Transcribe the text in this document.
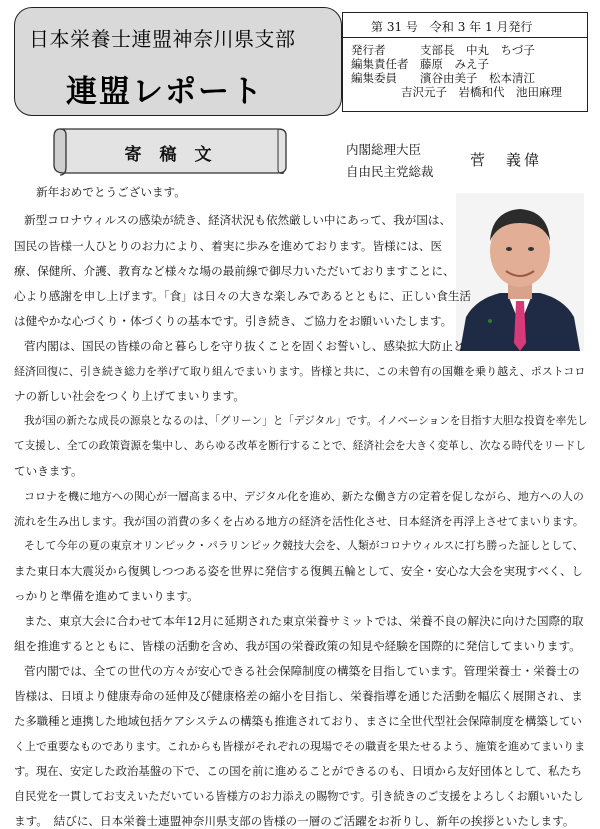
日本栄養士連盟神奈川県支部
連盟レポート
第 31 号　令和 3 年 1 月発行
発行者　　　支部長　中丸　ちづ子
編集責任者　藤原　みえ子
編集委員　　濱谷由美子　松本清江
吉沢元子　岩橋和代　池田麻理
寄稿文	内閣総理大臣
自由民主党総裁
菅　義偉
新年おめでとうございます。
新型コロナウィルスの感染が続き、経済状況も依然厳しい中にあって、我が国は、
国民の皆様一人ひとりのお力により、着実に歩みを進めております。皆様には、医
療、保健所、介護、教育など様々な場の最前線で御尽力いただいておりますことに、
心より感謝を申し上げます。「食」は日々の大きな楽しみであるとともに、正しい食生活
は健やかな心づくり・体づくりの基本です。引き続き、ご協力をお願いいたします。
菅内閣は、国民の皆様の命と暮らしを守り抜くことを固くお誓いし、感染拡大防止と
経済回復に、引き続き総力を挙げて取り組んでまいります。皆様と共に、この未曾有の国難を乗り越え、ポストコロ
ナの新しい社会をつくり上げてまいります。
我が国の新たな成長の源泉となるのは、「グリーン」と「デジタル」です。イノベーションを目指す大胆な投資を率先し
て支援し、全ての政策資源を集中し、あらゆる改革を断行することで、経済社会を大きく変革し、次なる時代をリードし
ていきます。
コロナを機に地方への関心が一層高まる中、デジタル化を進め、新たな働き方の定着を促しながら、地方への人の
流れを生み出します。我が国の消費の多くを占める地方の経済を活性化させ、日本経済を再浮上させてまいります。
そして今年の夏の東京オリンピック・パラリンピック競技大会を、人類がコロナウィルスに打ち勝った証しとして、
また東日本大震災から復興しつつある姿を世界に発信する復興五輪として、安全・安心な大会を実現すべく、し
っかりと準備を進めてまいります。
また、東京大会に合わせて本年12月に延期された東京栄養サミットでは、栄養不良の解決に向けた国際的取
組を推進するとともに、皆様の活動を含め、我が国の栄養政策の知見や経験を国際的に発信してまいります。
菅内閣では、全ての世代の方々が安心できる社会保障制度の構築を目指しています。管理栄養士・栄養士の
皆様は、日頃より健康寿命の延伸及び健康格差の縮小を目指し、栄養指導を通じた活動を幅広く展開され、ま
た多職種と連携した地域包括ケアシステムの構築も推進されており、まさに全世代型社会保障制度を構築してい
く上で重要なものであります。これからも皆様がそれぞれの現場でその職責を果たせるよう、施策を進めてまいりま
す。現在、安定した政治基盤の下で、この国を前に進めることができるのも、日頃から友好団体として、私たち
自民党を一貫してお支えいただいている皆様方のお力添えの賜物です。引き続きのご支援をよろしくお願いいたし
ます。　結びに、日本栄養士連盟神奈川県支部の皆様の一層のご活躍をお祈りし、新年の挨拶といたします。
